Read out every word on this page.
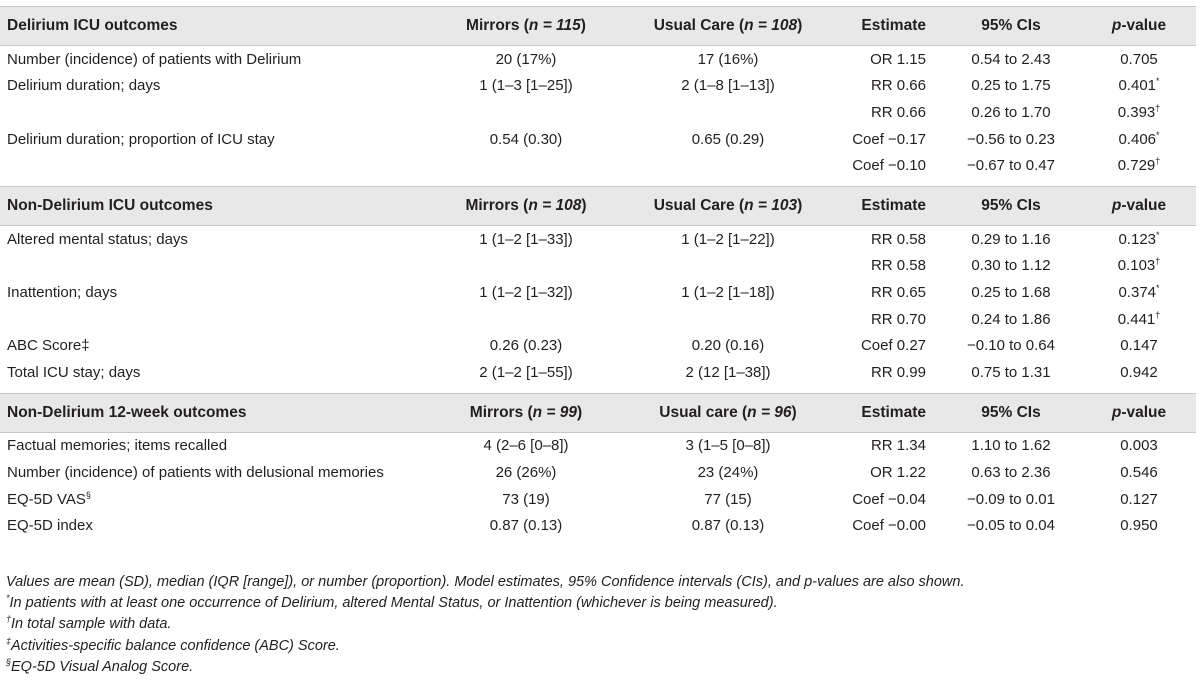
Delirium ICU outcomes	Mirrors (n = 115)	Usual Care (n = 108)	Estimate	95% CIs	p-value
Number (incidence) of patients with Delirium	20 (17%)	17 (16%)	OR 1.15	0.54 to 2.43	0.705
Delirium duration; days	1 (1–3 [1–25])	2 (1–8 [1–13])	RR 0.66	0.25 to 1.75	0.401*
			RR 0.66	0.26 to 1.70	0.393†
Delirium duration; proportion of ICU stay	0.54 (0.30)	0.65 (0.29)	Coef −0.17	−0.56 to 0.23	0.406*
			Coef −0.10	−0.67 to 0.47	0.729†

Non-Delirium ICU outcomes	Mirrors (n = 108)	Usual Care (n = 103)	Estimate	95% CIs	p-value
Altered mental status; days	1 (1–2 [1–33])	1 (1–2 [1–22])	RR 0.58	0.29 to 1.16	0.123*
			RR 0.58	0.30 to 1.12	0.103†
Inattention; days	1 (1–2 [1–32])	1 (1–2 [1–18])	RR 0.65	0.25 to 1.68	0.374*
			RR 0.70	0.24 to 1.86	0.441†
ABC Score‡	0.26 (0.23)	0.20 (0.16)	Coef 0.27	−0.10 to 0.64	0.147
Total ICU stay; days	2 (1–2 [1–55])	2 (12 [1–38])	RR 0.99	0.75 to 1.31	0.942

Non-Delirium 12-week outcomes	Mirrors (n = 99)	Usual care (n = 96)	Estimate	95% CIs	p-value
Factual memories; items recalled	4 (2–6 [0–8])	3 (1–5 [0–8])	RR 1.34	1.10 to 1.62	0.003
Number (incidence) of patients with delusional memories	26 (26%)	23 (24%)	OR 1.22	0.63 to 2.36	0.546
EQ-5D VAS§	73 (19)	77 (15)	Coef −0.04	−0.09 to 0.01	0.127
EQ-5D index	0.87 (0.13)	0.87 (0.13)	Coef −0.00	−0.05 to 0.04	0.950
Values are mean (SD), median (IQR [range]), or number (proportion). Model estimates, 95% Confidence intervals (CIs), and p-values are also shown.
*In patients with at least one occurrence of Delirium, altered Mental Status, or Inattention (whichever is being measured).
†In total sample with data.
‡Activities-specific balance confidence (ABC) Score.
§EQ-5D Visual Analog Score.
